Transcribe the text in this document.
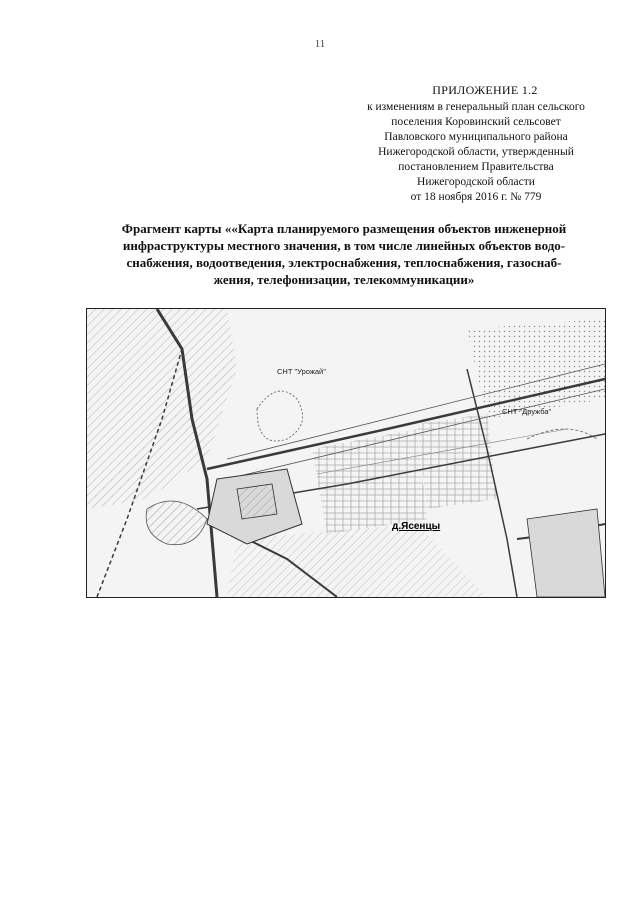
11
ПРИЛОЖЕНИЕ 1.2
к изменениям в генеральный план сельского
поселения Коровинский сельсовет
Павловского муниципального района
Нижегородской области, утвержденный
постановлением Правительства
Нижегородской области
от 18 ноября 2016 г. № 779
Фрагмент карты ««Карта планируемого размещения объектов инженерной
инфраструктуры местного значения, в том числе линейных объектов водо-
снабжения, водоотведения, электроснабжения, теплоснабжения, газоснаб-
жения, телефонизации, телекоммуникации»
СНТ "Урожай"
СНТ "Дружба"
д.Ясенцы
